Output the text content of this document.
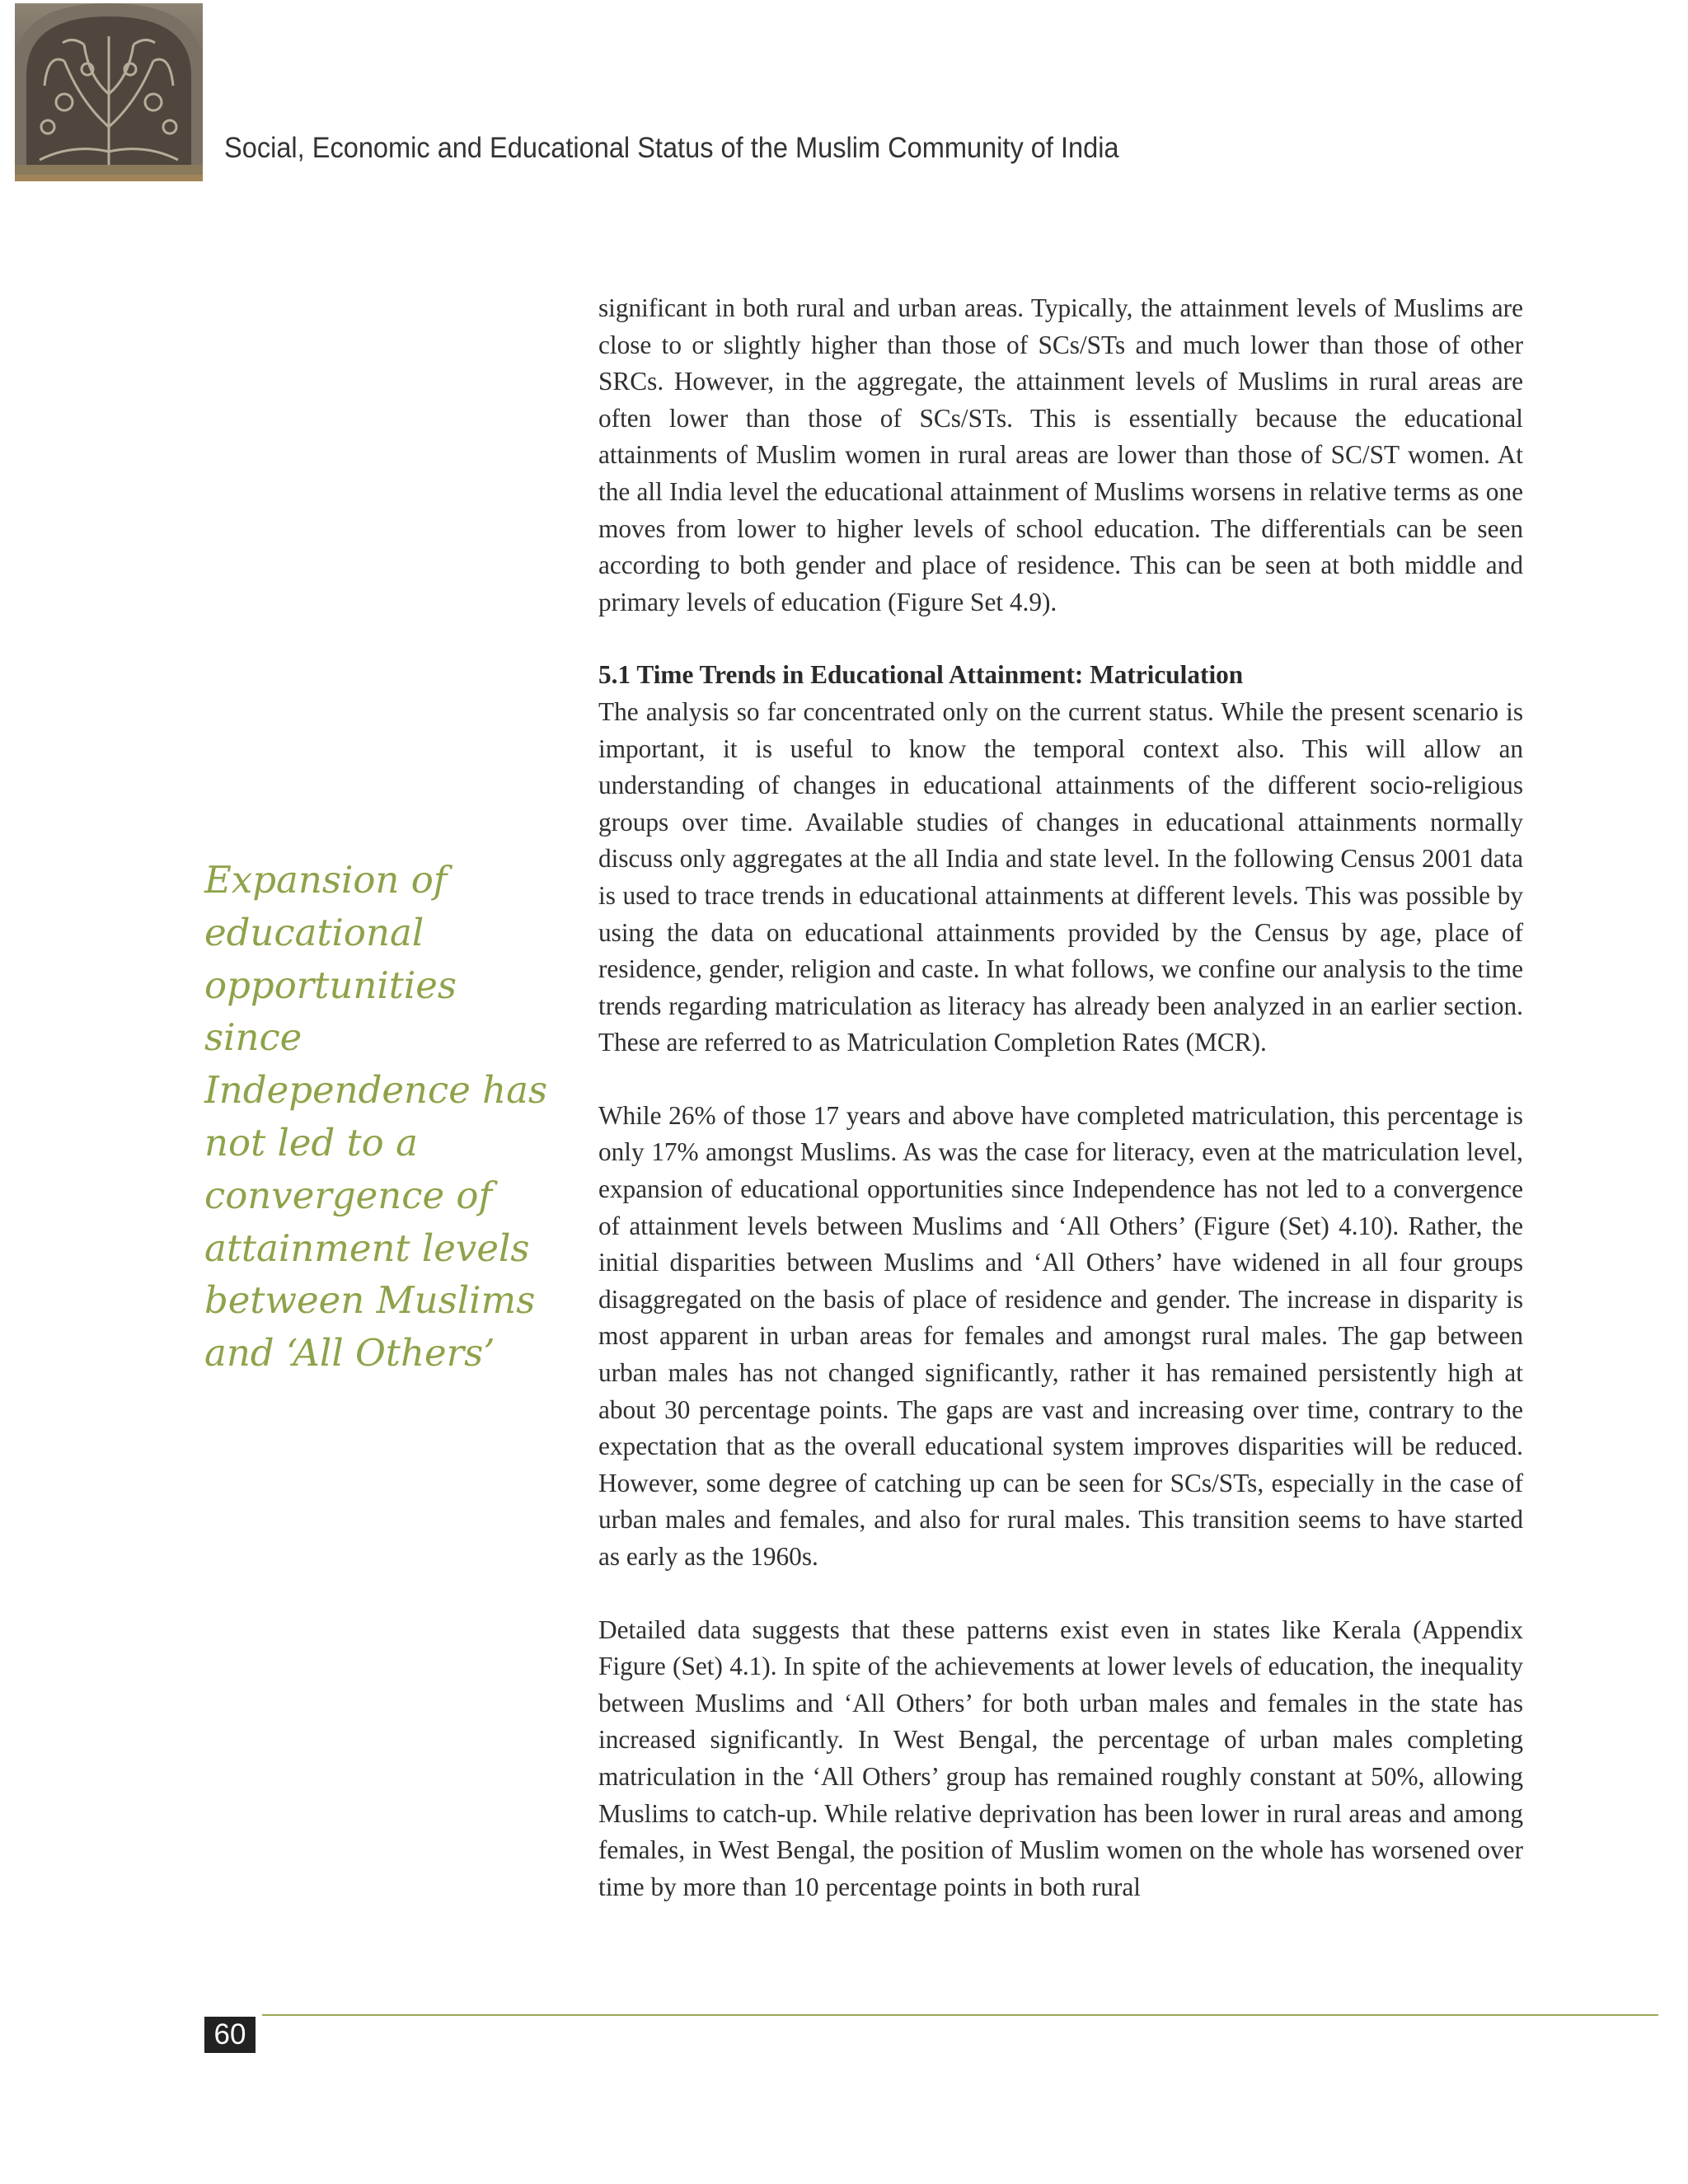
Social, Economic and Educational Status of the Muslim Community of India
Expansion of educational opportunities since Independence has not led to a convergence of attainment levels between Muslims and ‘All Others’

significant in both rural and urban areas. Typically, the attainment levels of Muslims are close to or slightly higher than those of SCs/STs and much lower than those of other SRCs. However, in the aggregate, the attainment levels of Muslims in rural areas are often lower than those of SCs/STs. This is essentially because the educational attainments of Muslim women in rural areas are lower than those of SC/ST women. At the all India level the educational attainment of Muslims worsens in relative terms as one moves from lower to higher levels of school education. The differentials can be seen according to both gender and place of residence. This can be seen at both middle and primary levels of education (Figure Set 4.9).

5.1 Time Trends in Educational Attainment: Matriculation

The analysis so far concentrated only on the current status. While the present scenario is important, it is useful to know the temporal context also. This will allow an understanding of changes in educational attainments of the different socio-religious groups over time. Available studies of changes in educational attainments normally discuss only aggregates at the all India and state level. In the following Census 2001 data is used to trace trends in educational attainments at different levels. This was possible by using the data on educational attainments provided by the Census by age, place of residence, gender, religion and caste. In what follows, we confine our analysis to the time trends regarding matriculation as literacy has already been analyzed in an earlier section. These are referred to as Matriculation Completion Rates (MCR).

While 26% of those 17 years and above have completed matriculation, this percentage is only 17% amongst Muslims. As was the case for literacy, even at the matriculation level, expansion of educational opportunities since Independence has not led to a convergence of attainment levels between Muslims and ‘All Others’ (Figure (Set) 4.10). Rather, the initial disparities between Muslims and ‘All Others’ have widened in all four groups disaggregated on the basis of place of residence and gender. The increase in disparity is most apparent in urban areas for females and amongst rural males. The gap between urban males has not changed significantly, rather it has remained persistently high at about 30 percentage points. The gaps are vast and increasing over time, contrary to the expectation that as the overall educational system improves disparities will be reduced. However, some degree of catching up can be seen for SCs/STs, especially in the case of urban males and females, and also for rural males. This transition seems to have started as early as the 1960s.

Detailed data suggests that these patterns exist even in states like Kerala (Appendix Figure (Set) 4.1). In spite of the achievements at lower levels of education, the inequality between Muslims and ‘All Others’ for both urban males and females in the state has increased significantly. In West Bengal, the percentage of urban males completing matriculation in the ‘All Others’ group has remained roughly constant at 50%, allowing Muslims to catch-up. While relative deprivation has been lower in rural areas and among females, in West Bengal, the position of Muslim women on the whole has worsened over time by more than 10 percentage points in both rural

60
